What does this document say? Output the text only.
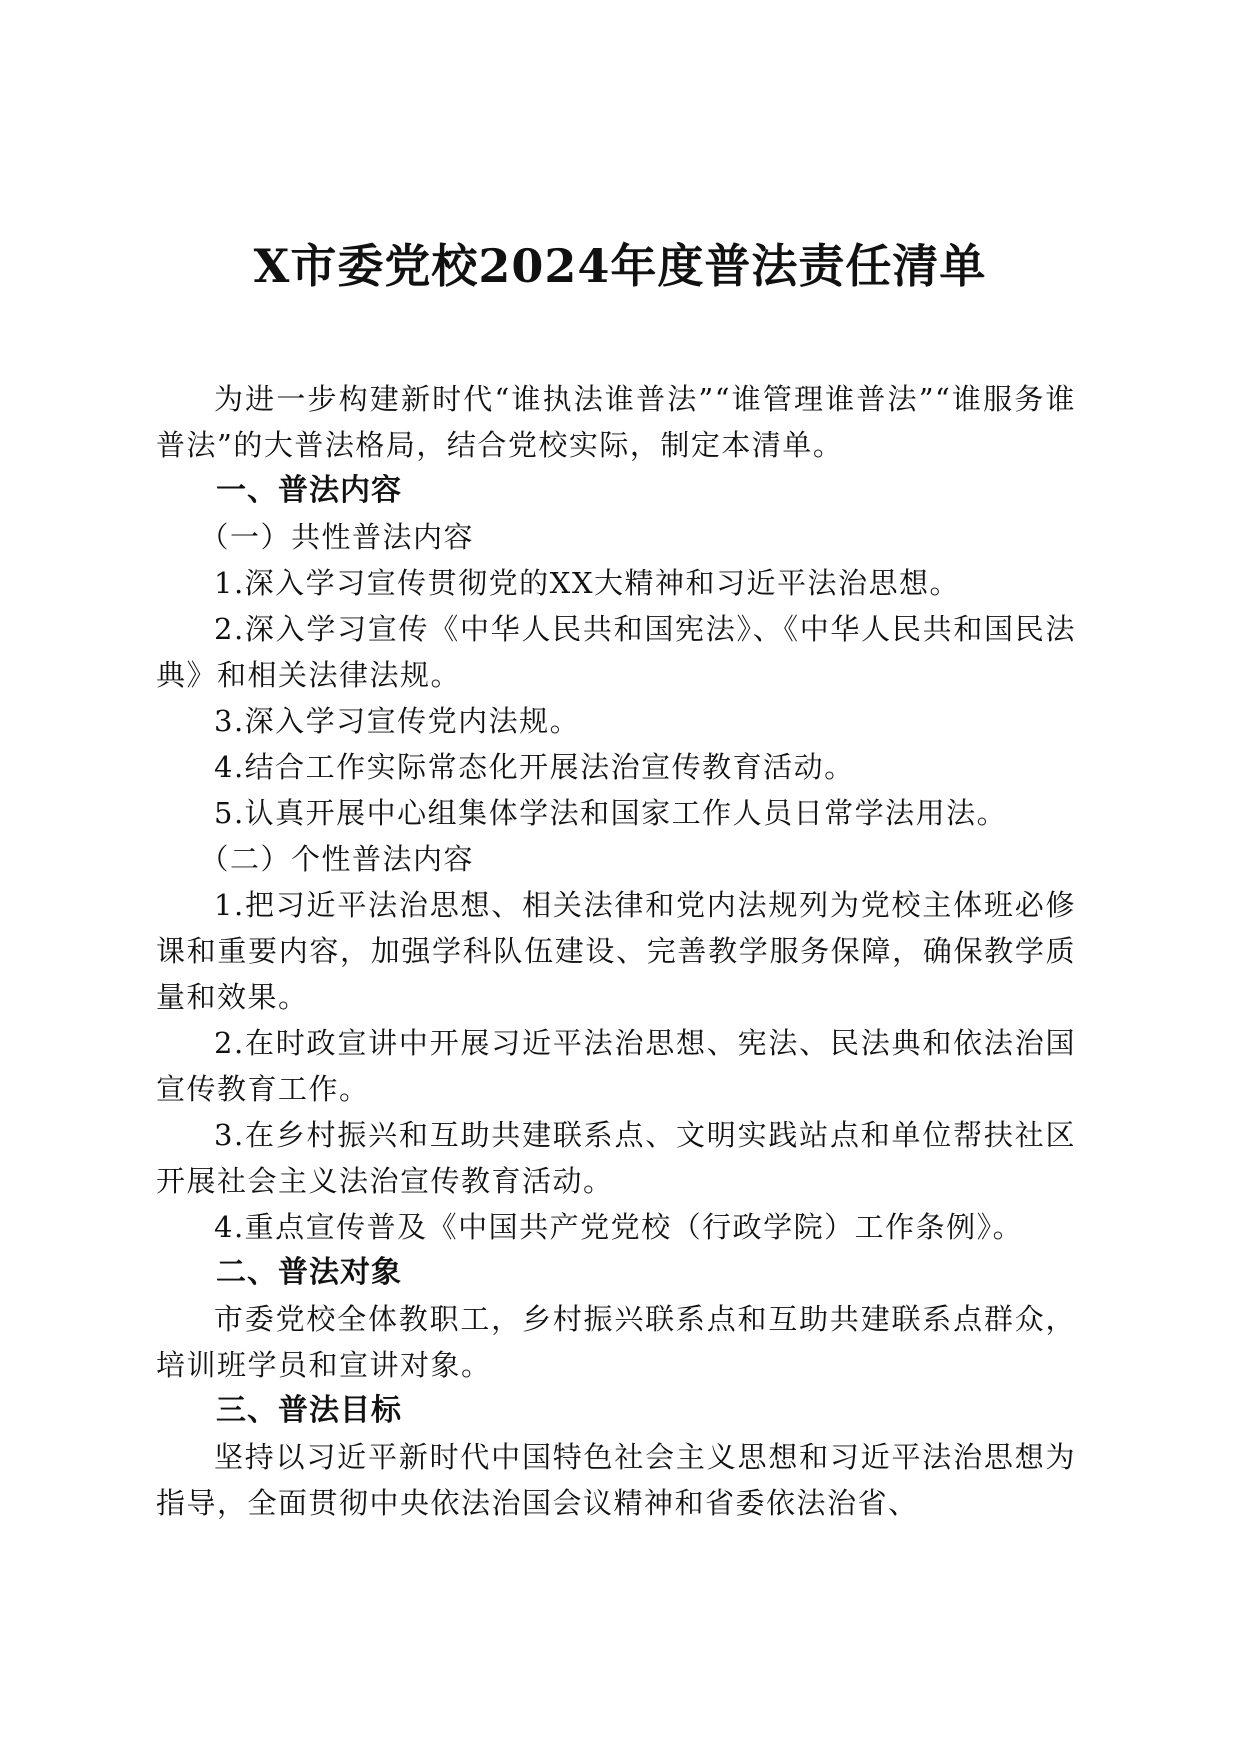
X市委党校2024年度普法责任清单

为进一步构建新时代“谁执法谁普法”“谁管理谁普法”“谁服务谁普法”的大普法格局，结合党校实际，制定本清单。

一、普法内容

（一）共性普法内容

1.深入学习宣传贯彻党的XX大精神和习近平法治思想。

2.深入学习宣传《中华人民共和国宪法》、《中华人民共和国民法典》和相关法律法规。

3.深入学习宣传党内法规。

4.结合工作实际常态化开展法治宣传教育活动。

5.认真开展中心组集体学法和国家工作人员日常学法用法。

（二）个性普法内容

1.把习近平法治思想、相关法律和党内法规列为党校主体班必修课和重要内容，加强学科队伍建设、完善教学服务保障，确保教学质量和效果。

2.在时政宣讲中开展习近平法治思想、宪法、民法典和依法治国宣传教育工作。

3.在乡村振兴和互助共建联系点、文明实践站点和单位帮扶社区开展社会主义法治宣传教育活动。

4.重点宣传普及《中国共产党党校（行政学院）工作条例》。

二、普法对象

市委党校全体教职工，乡村振兴联系点和互助共建联系点群众，培训班学员和宣讲对象。

三、普法目标

坚持以习近平新时代中国特色社会主义思想和习近平法治思想为指导，全面贯彻中央依法治国会议精神和省委依法治省、
